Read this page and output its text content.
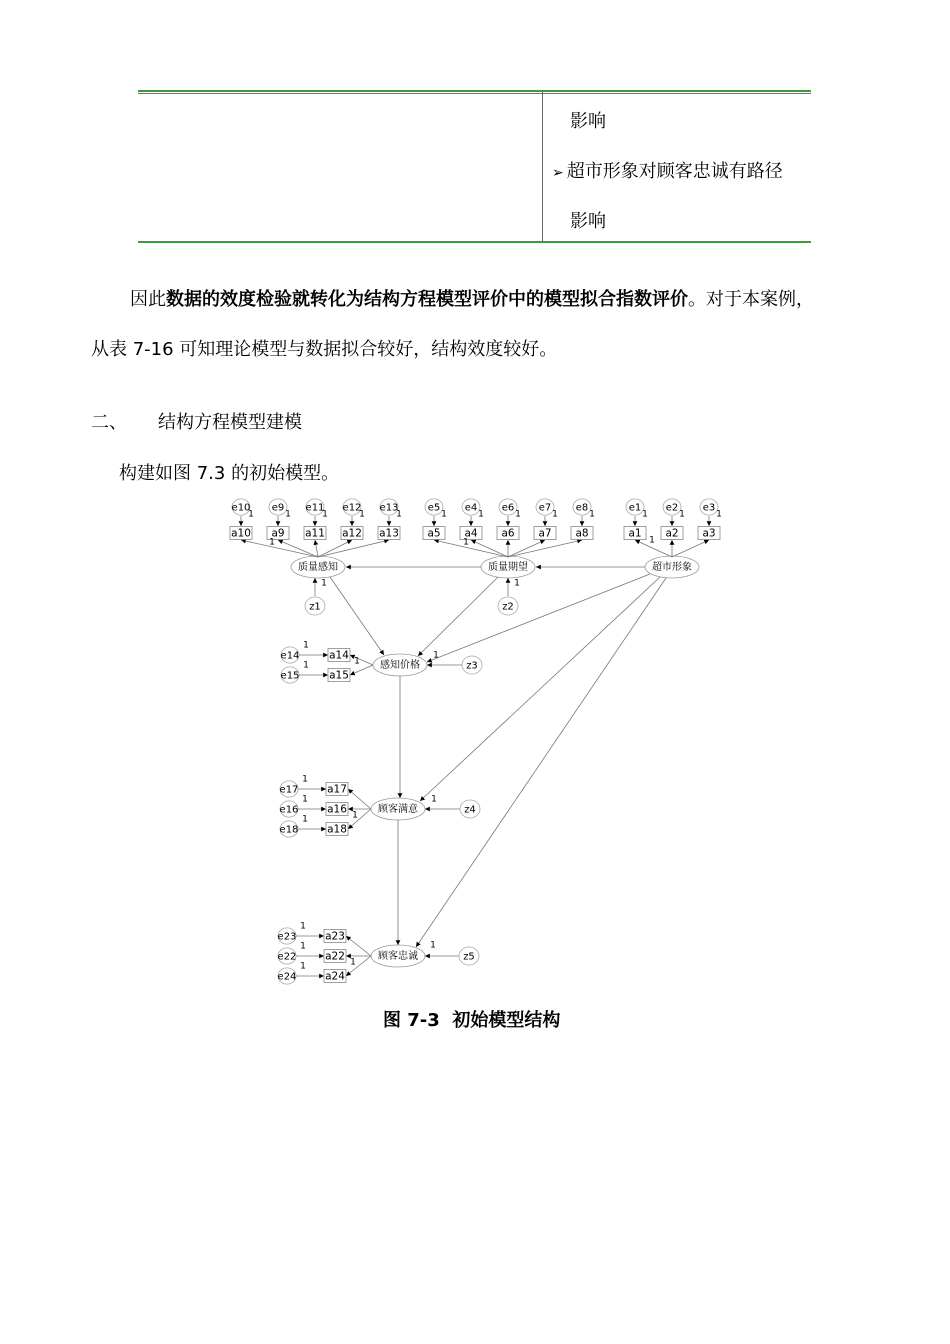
影响
➢ 超市形象对顾客忠诚有路径
影响
因此数据的效度检验就转化为结构方程模型评价中的模型拟合指数评价。对于本案例，
从表 7-16 可知理论模型与数据拟合较好，结构效度较好。
二、 结构方程模型建模
构建如图 7.3 的初始模型。
e10
1
e9
1
e11
1
e12
1
e13
1
e5
1
e4
1
e6
1
e7
1
e8
1
e1
1
e2
1
e3
1
质量感知	质量期望	超市形象
感知价格
顾客满意
顾客忠诚
1	1	1
a10 a9 a11 a12 a13	a5 a4 a6 a7 a8	a1 a2 a3
z1
1
z2
1
z3
1
z4
1
z5
1
e14
1
a14
e15
1
a15
1
e17
1
a17
e16
1
a16
e18
1
a18
1
e23
1
a23
e22
1
a22
e24
1
a24
1
图 7-3 初始模型结构
